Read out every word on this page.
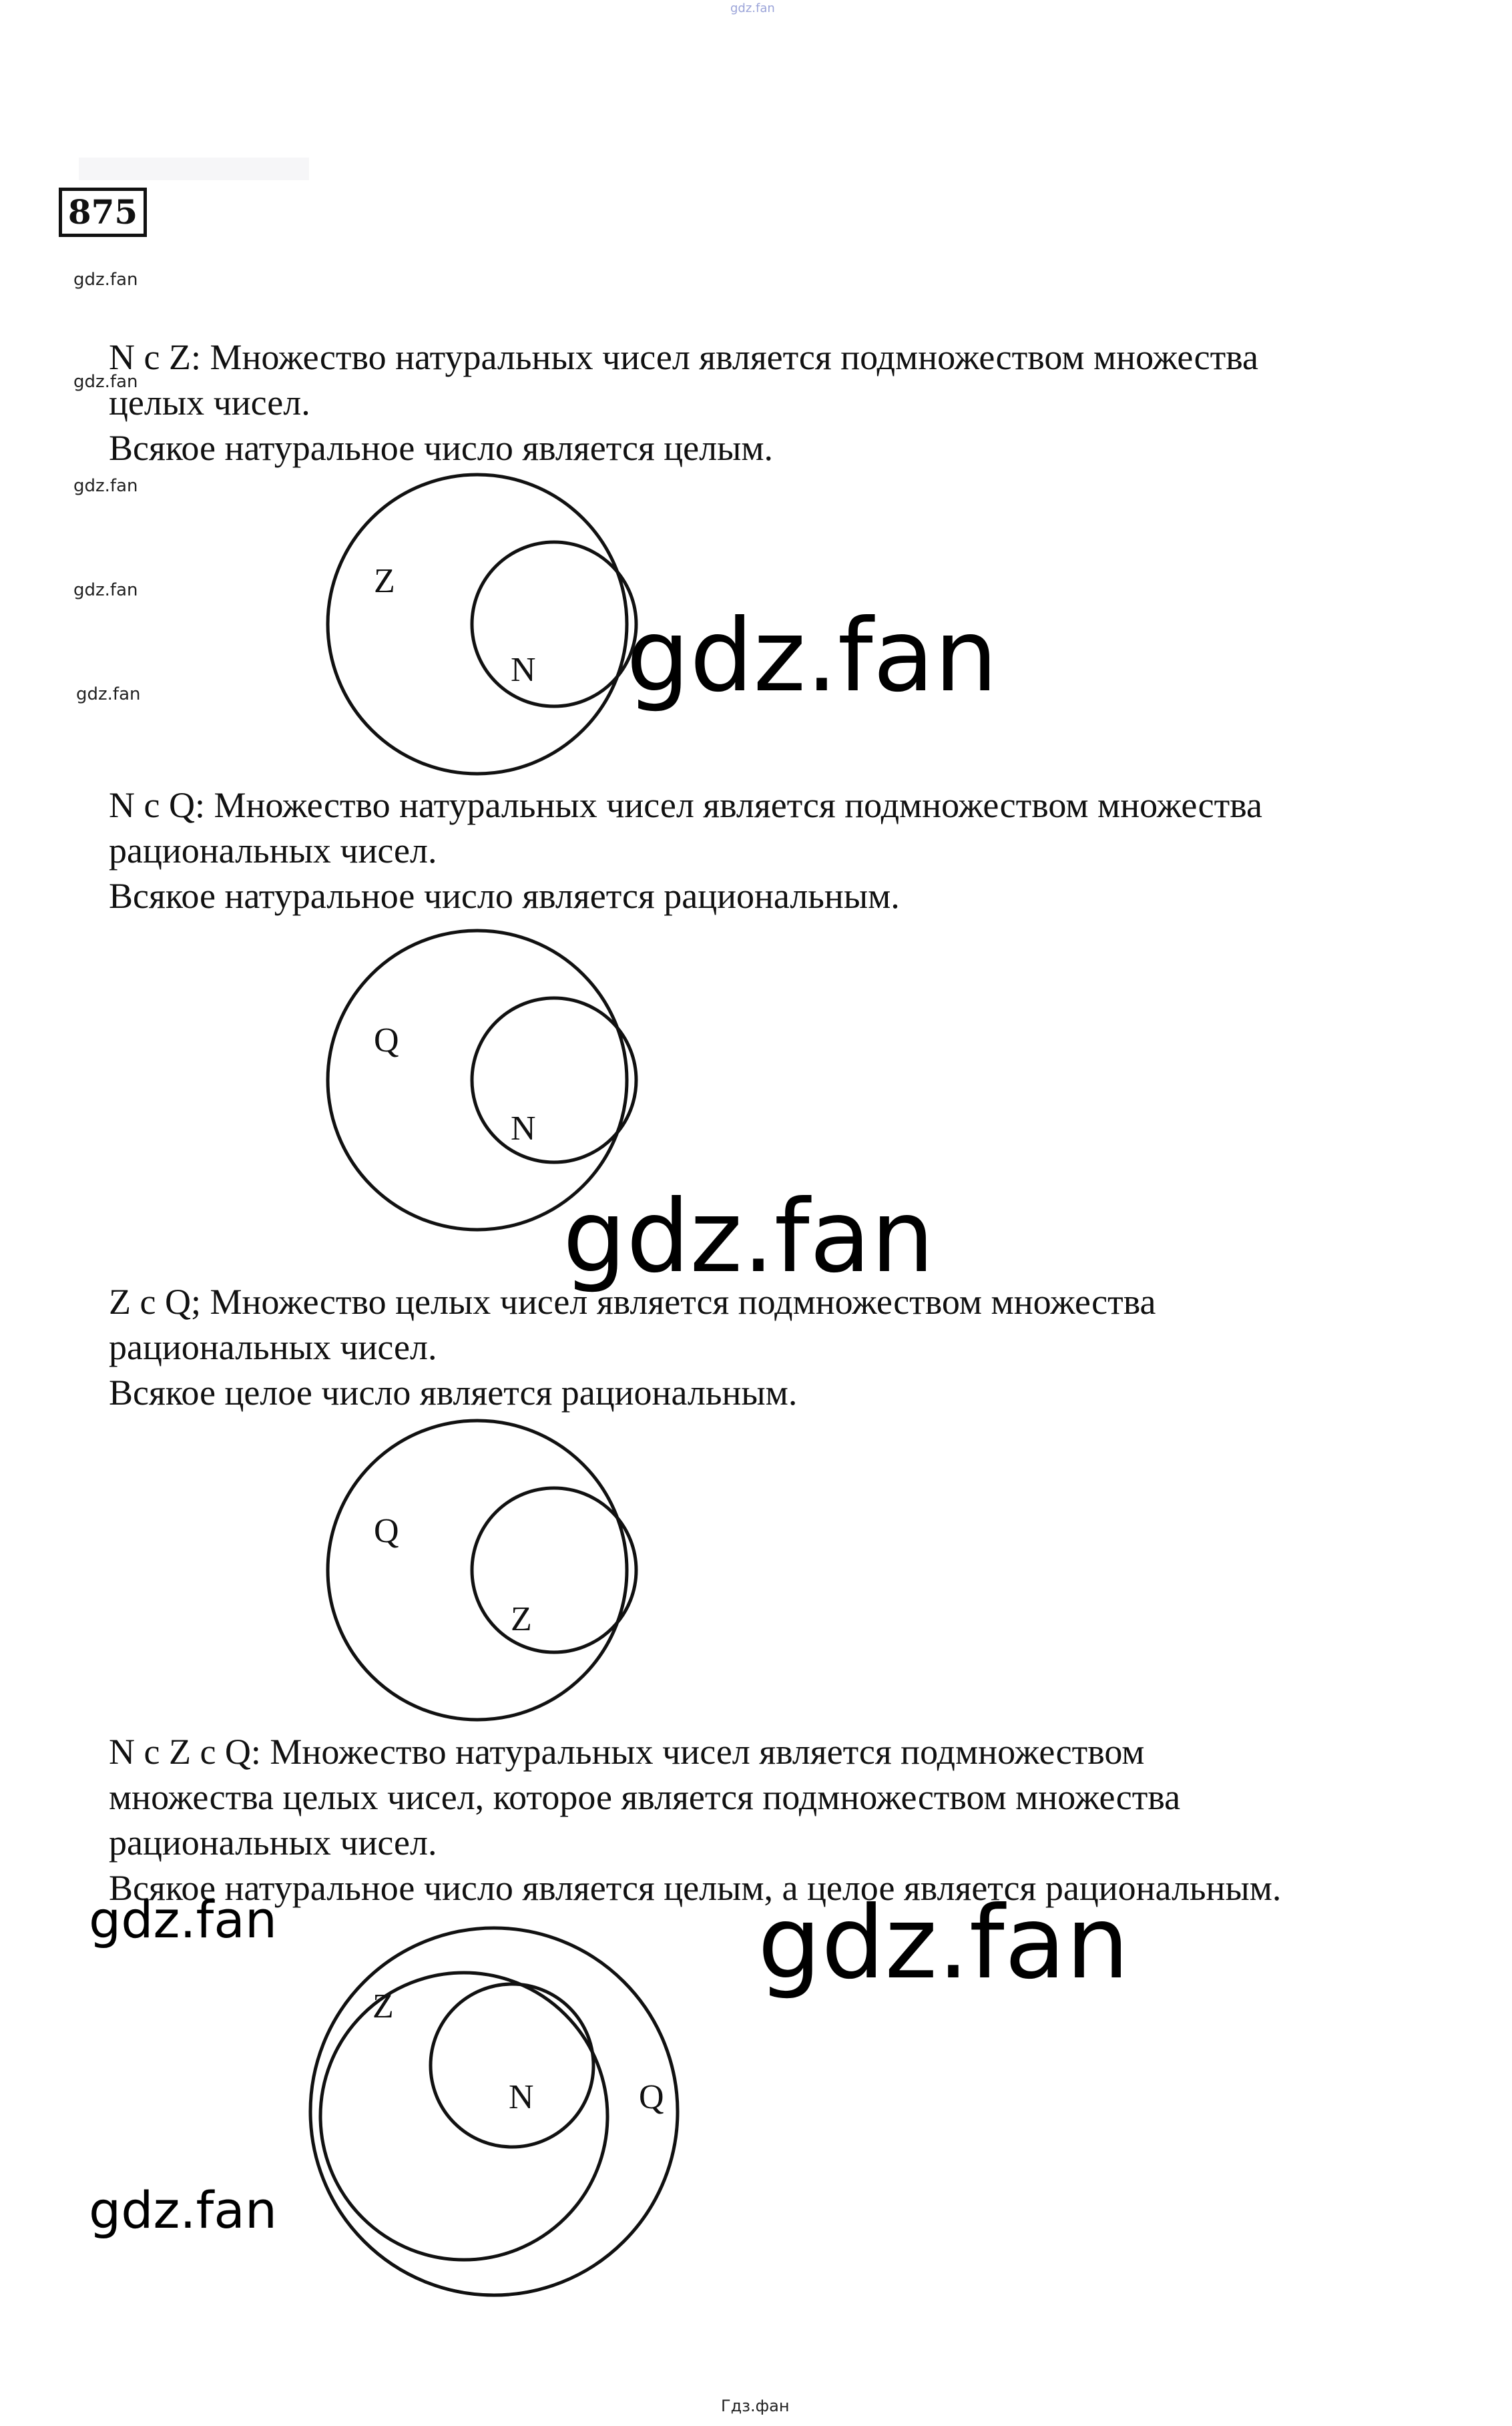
gdz.fan
875
gdz.fan
gdz.fan
gdz.fan
gdz.fan
gdz.fan
N с Z: Множество натуральных чисел является подмножеством множества
целых чисел.
Всякое натуральное число является целым.
Z
N gdz.fan
N с Q: Множество натуральных чисел является подмножеством множества
рациональных чисел.
Всякое натуральное число является рациональным.
Q
N
gdz.fan
Z с Q; Множество целых чисел является подмножеством множества
рациональных чисел.
Всякое целое число является рациональным.
Q
Z
N с Z с Q: Множество натуральных чисел является подмножеством
множества целых чисел, которое является подмножеством множества
рациональных чисел.
Всякое натуральное число является целым, а целое является рациональным.
gdz.fan	gdz.fan
Z
N	Q
gdz.fan
Гдз.фан
